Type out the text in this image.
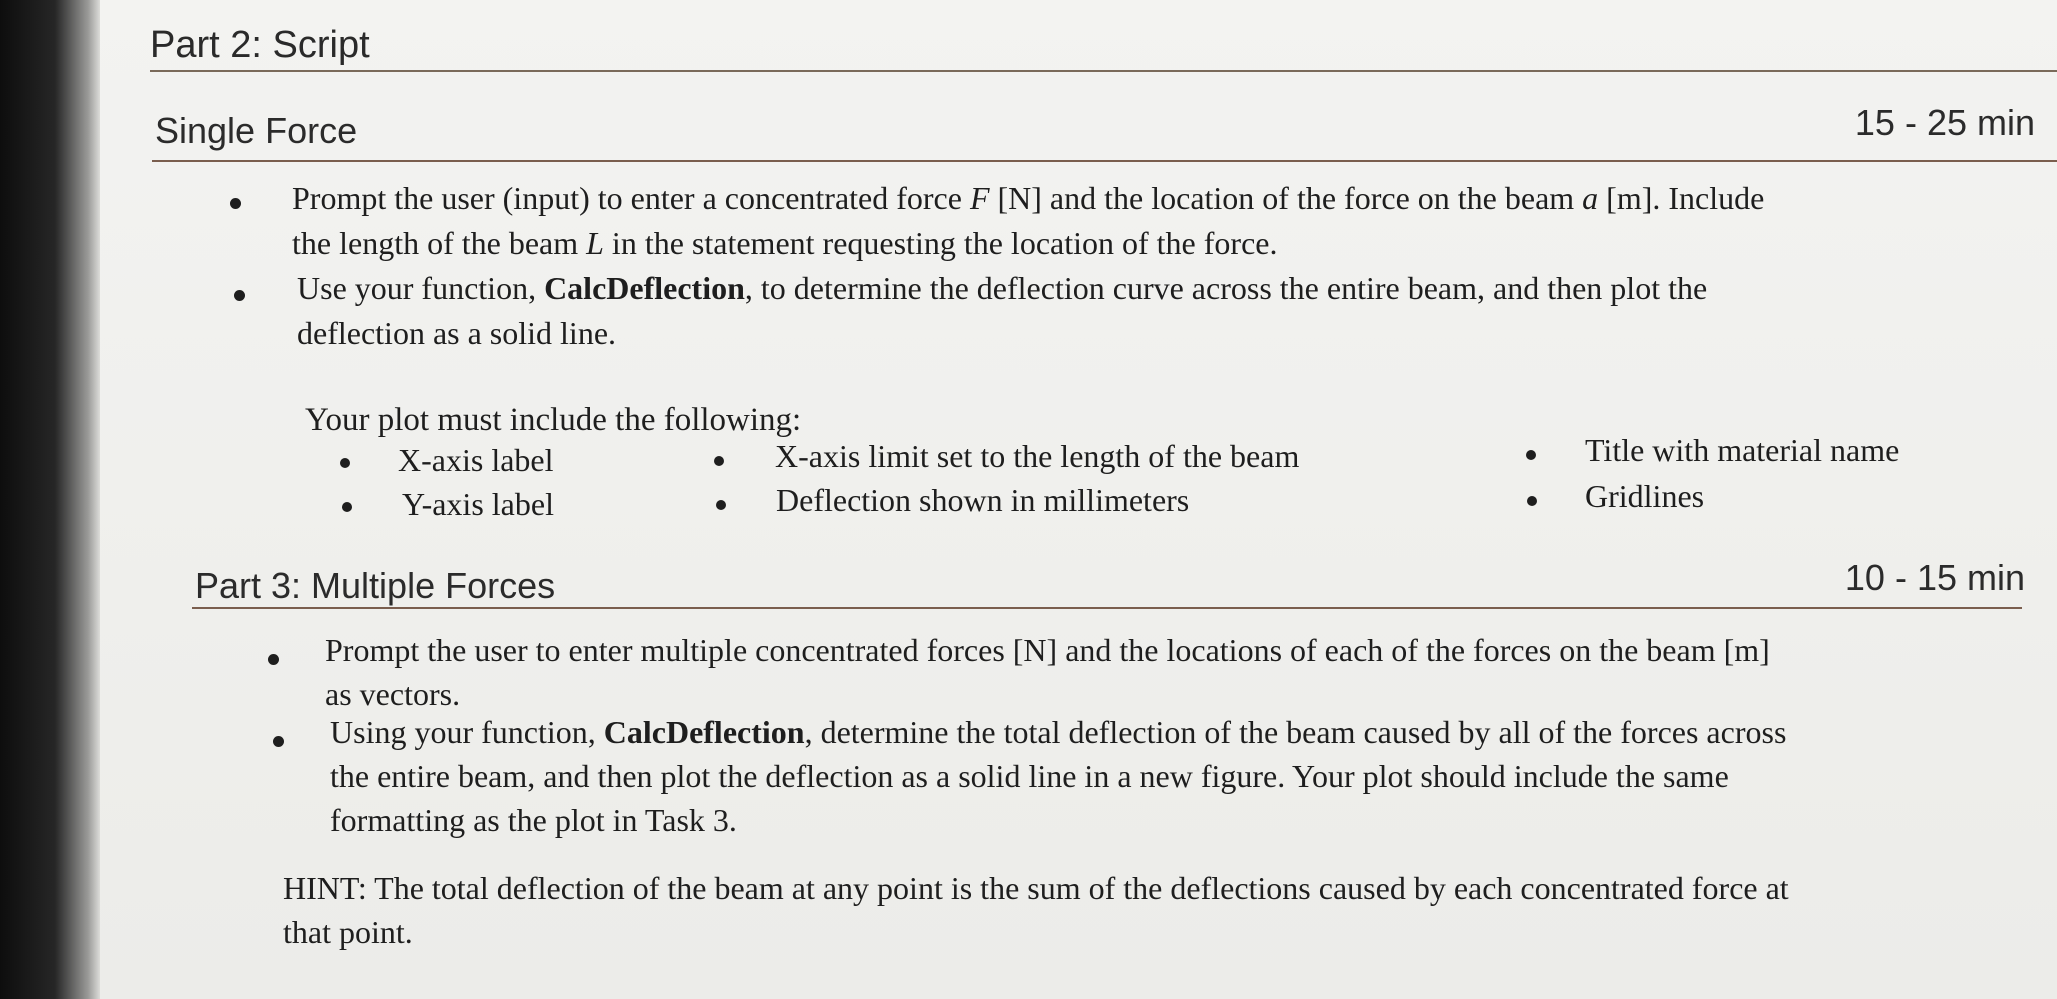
Part 2: Script
Single Force	15 - 25 min
Prompt the user (input) to enter a concentrated force F [N] and the location of the force on the beam a [m]. Include
the length of the beam L in the statement requesting the location of the force.
Use your function, CalcDeflection, to determine the deflection curve across the entire beam, and then plot the
deflection as a solid line.
Your plot must include the following:
X-axis label	X-axis limit set to the length of the beam	Title with material name
Y-axis label	Deflection shown in millimeters	Gridlines
Part 3: Multiple Forces	10 - 15 min
Prompt the user to enter multiple concentrated forces [N] and the locations of each of the forces on the beam [m]
as vectors.
Using your function, CalcDeflection, determine the total deflection of the beam caused by all of the forces across
the entire beam, and then plot the deflection as a solid line in a new figure. Your plot should include the same
formatting as the plot in Task 3.
HINT: The total deflection of the beam at any point is the sum of the deflections caused by each concentrated force at
that point.
